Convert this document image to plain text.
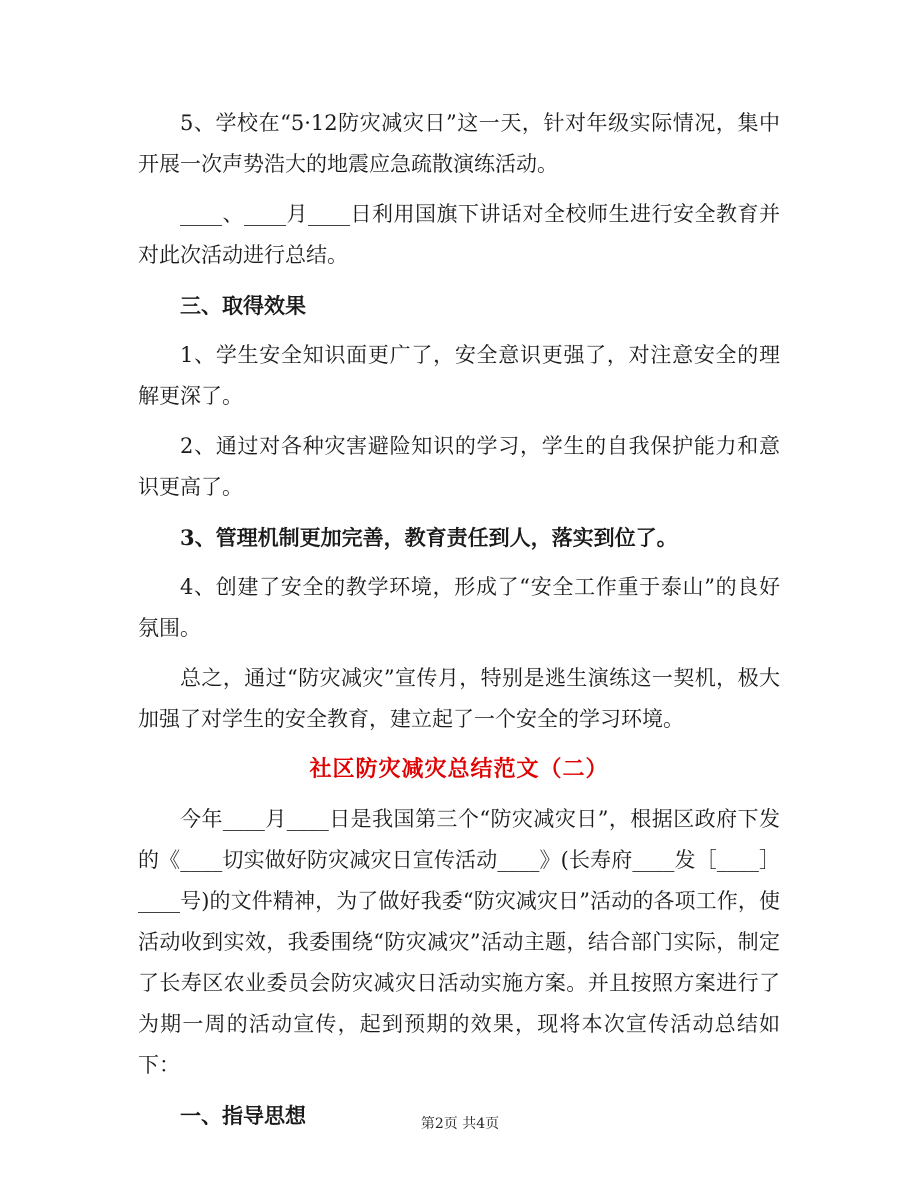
5、学校在“5·12防灾减灾日”这一天，针对年级实际情况，集中开展一次声势浩大的地震应急疏散演练活动。

____、____月____日利用国旗下讲话对全校师生进行安全教育并对此次活动进行总结。

三、取得效果

1、学生安全知识面更广了，安全意识更强了，对注意安全的理解更深了。

2、通过对各种灾害避险知识的学习，学生的自我保护能力和意识更高了。

3、管理机制更加完善，教育责任到人，落实到位了。

4、创建了安全的教学环境，形成了“安全工作重于泰山”的良好氛围。

总之，通过“防灾减灾”宣传月，特别是逃生演练这一契机，极大加强了对学生的安全教育，建立起了一个安全的学习环境。

社区防灾减灾总结范文（二）

今年____月____日是我国第三个“防灾减灾日”，根据区政府下发的《____切实做好防灾减灾日宣传活动____》(长寿府____发［____］____号)的文件精神，为了做好我委“防灾减灾日”活动的各项工作，使活动收到实效，我委围绕“防灾减灾”活动主题，结合部门实际，制定了长寿区农业委员会防灾减灾日活动实施方案。并且按照方案进行了为期一周的活动宣传，起到预期的效果，现将本次宣传活动总结如下：

一、指导思想	第2页 共4页
